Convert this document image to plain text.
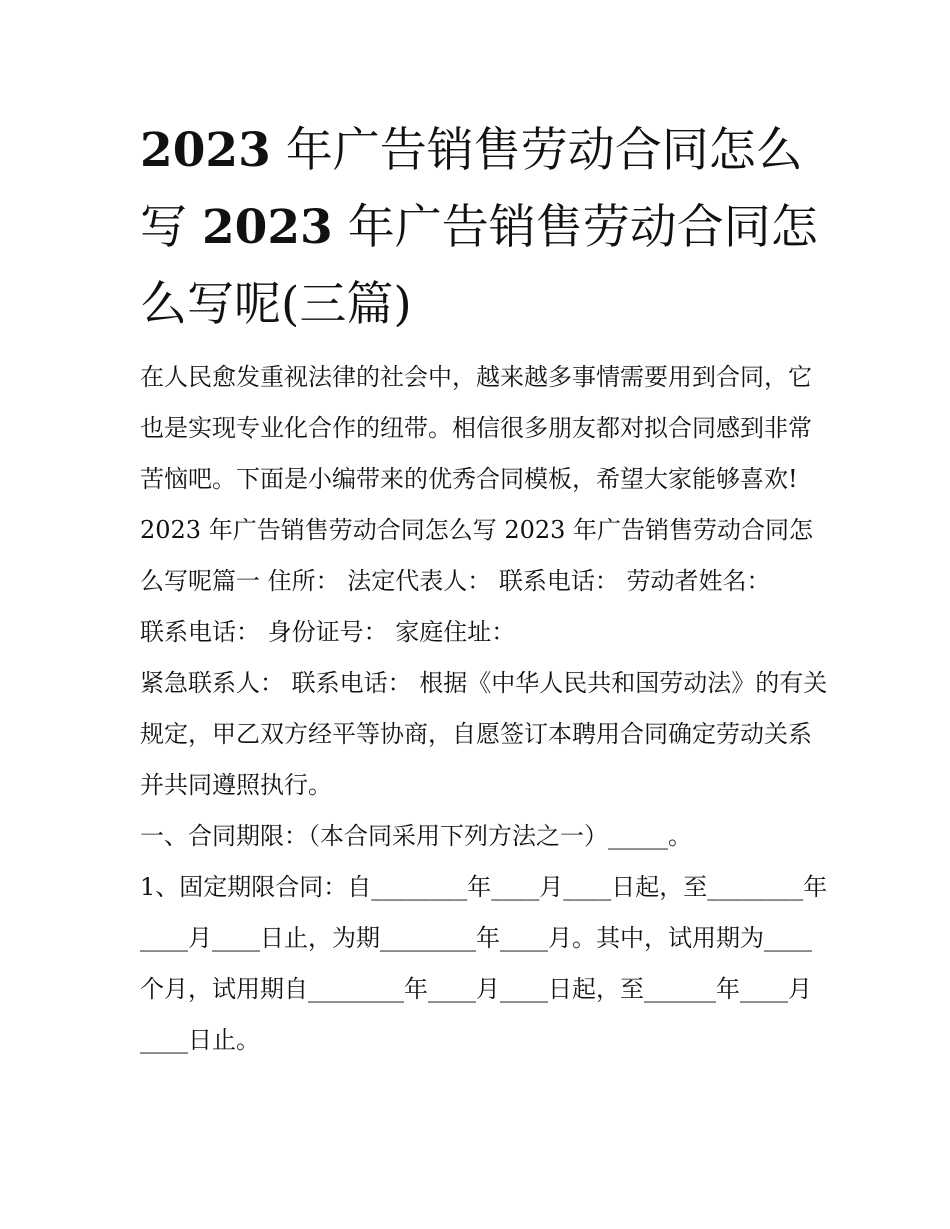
2023 年广告销售劳动合同怎么写 2023 年广告销售劳动合同怎么写呢(三篇)

在人民愈发重视法律的社会中，越来越多事情需要用到合同，它也是实现专业化合作的纽带。相信很多朋友都对拟合同感到非常苦恼吧。下面是小编带来的优秀合同模板，希望大家能够喜欢!

2023 年广告销售劳动合同怎么写 2023 年广告销售劳动合同怎么写呢篇一 住所： 法定代表人： 联系电话： 劳动者姓名：

联系电话： 身份证号： 家庭住址：

紧急联系人： 联系电话： 根据《中华人民共和国劳动法》的有关规定，甲乙双方经平等协商，自愿签订本聘用合同确定劳动关系并共同遵照执行。

一、合同期限：（本合同采用下列方法之一）_____。

1、固定期限合同：自________年____月____日起，至________年____月____日止，为期________年____月。其中，试用期为____个月，试用期自________年____月____日起，至______年____月____日止。
